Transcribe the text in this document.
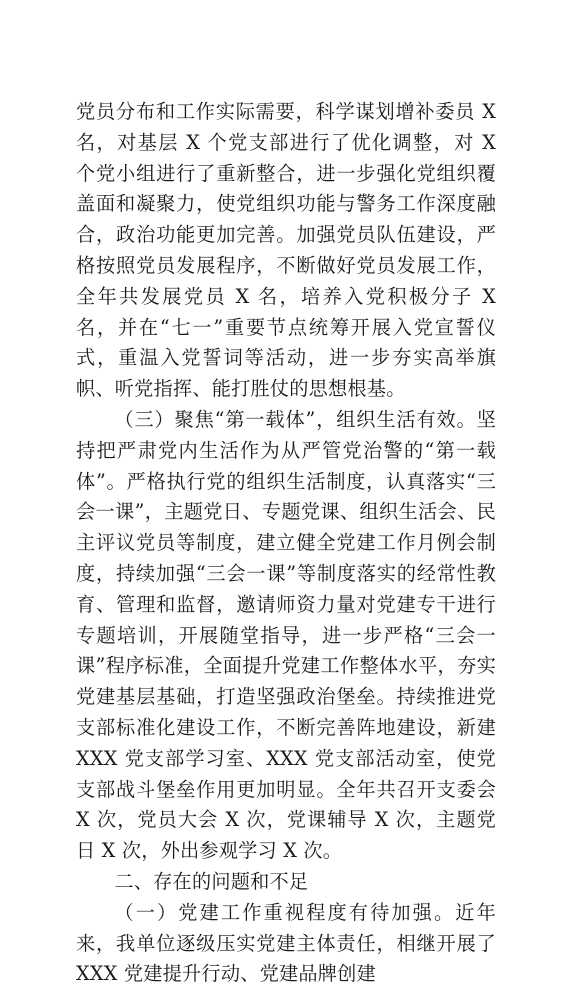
党员分布和工作实际需要，科学谋划增补委员 X 名，对基层 X 个党支部进行了优化调整，对 X 个党小组进行了重新整合，进一步强化党组织覆盖面和凝聚力，使党组织功能与警务工作深度融合，政治功能更加完善。加强党员队伍建设，严格按照党员发展程序，不断做好党员发展工作，全年共发展党员 X 名，培养入党积极分子 X 名，并在“七一”重要节点统筹开展入党宣誓仪式，重温入党誓词等活动，进一步夯实高举旗帜、听党指挥、能打胜仗的思想根基。

（三）聚焦“第一载体”，组织生活有效。坚持把严肃党内生活作为从严管党治警的“第一载体”。严格执行党的组织生活制度，认真落实“三会一课”，主题党日、专题党课、组织生活会、民主评议党员等制度，建立健全党建工作月例会制度，持续加强“三会一课”等制度落实的经常性教育、管理和监督，邀请师资力量对党建专干进行专题培训，开展随堂指导，进一步严格“三会一课”程序标准，全面提升党建工作整体水平，夯实党建基层基础，打造坚强政治堡垒。持续推进党支部标准化建设工作，不断完善阵地建设，新建 XXX 党支部学习室、XXX 党支部活动室，使党支部战斗堡垒作用更加明显。全年共召开支委会 X 次，党员大会 X 次，党课辅导 X 次，主题党日 X 次，外出参观学习 X 次。

二、存在的问题和不足

（一）党建工作重视程度有待加强。近年来，我单位逐级压实党建主体责任，相继开展了 XXX 党建提升行动、党建品牌创建
